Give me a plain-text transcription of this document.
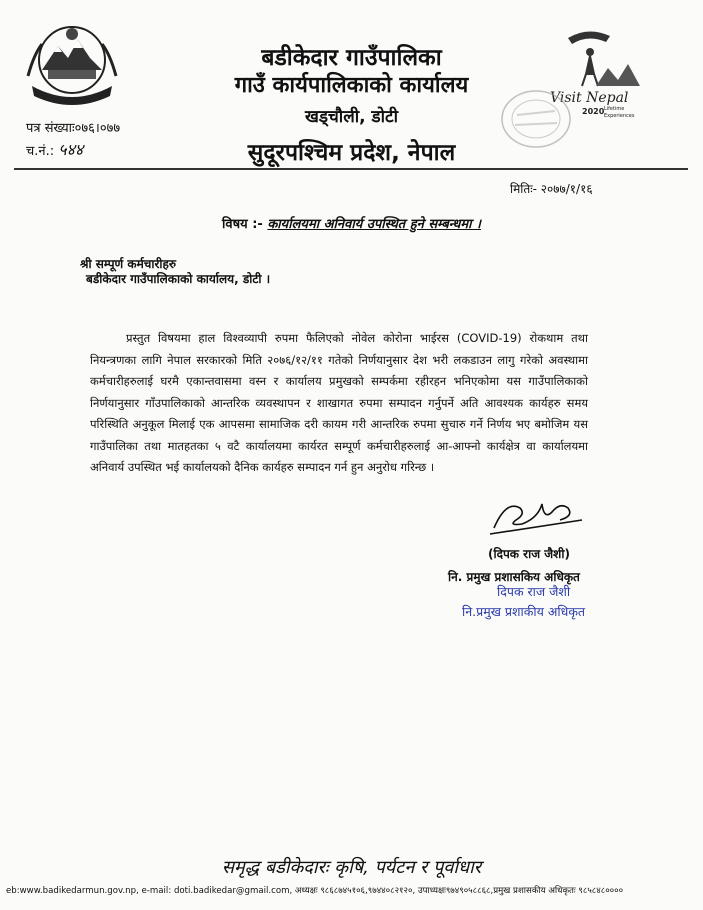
Visit Nepal
2020 Lifetime
Experiences
बडीकेदार गाउँपालिका
गाउँ कार्यपालिकाको कार्यालय
खड्चौली, डोटी
सुदूरपश्चिम प्रदेश, नेपाल
पत्र संख्याः०७६।०७७
च.नं.: ५४४
मितिः- २०७७/१/१६
विषय :- कार्यालयमा अनिवार्य उपस्थित हुने सम्बन्धमा ।
श्री सम्पूर्ण कर्मचारीहरु
बडीकेदार गाउँपालिकाको कार्यालय, डोटी ।
प्रस्तुत विषयमा हाल विश्वव्यापी रुपमा फैलिएको नोवेल कोरोना भाईरस (COVID-19) रोकथाम तथा नियन्त्रणका लागि नेपाल सरकारको मिति २०७६/१२/११ गतेको निर्णयानुसार देश भरी लकडाउन लागु गरेको अवस्थामा कर्मचारीहरुलाई घरमै एकान्तवासमा वस्न र कार्यालय प्रमुखको सम्पर्कमा रहीरहन भनिएकोमा यस गाउँपालिकाको निर्णयानुसार गाँउपालिकाको आन्तरिक व्यवस्थापन र शाखागत रुपमा सम्पादन गर्नुपर्ने अति आवश्यक कार्यहरु समय परिस्थिति अनुकूल मिलाई एक आपसमा सामाजिक दरी कायम गरी आन्तरिक रुपमा सुचारु गर्ने निर्णय भए बमोजिम यस गाउँपालिका तथा मातहतका ५ वटै कार्यालयमा कार्यरत सम्पूर्ण कर्मचारीहरुलाई आ-आफ्नो कार्यक्षेत्र वा कार्यालयमा अनिवार्य उपस्थित भई कार्यालयको दैनिक कार्यहरु सम्पादन गर्न हुन अनुरोध गरिन्छ ।
(दिपक राज जैशी)
नि. प्रमुख प्रशासकिय अधिकृत
दिपक राज जैशी
नि.प्रमुख प्रशाकीय अधिकृत
समृद्ध बडीकेदारः कृषि, पर्यटन र पूर्वाधार
eb:www.badikedarmun.gov.np, e-mail: doti.badikedar@gmail.com, अध्यक्षः ९८६८७४५१०६,९७४४०८२१२०, उपाध्यक्षः९७४९०५८८६८,प्रमुख प्रशासकीय अधिकृतः ९८५८४८००००
